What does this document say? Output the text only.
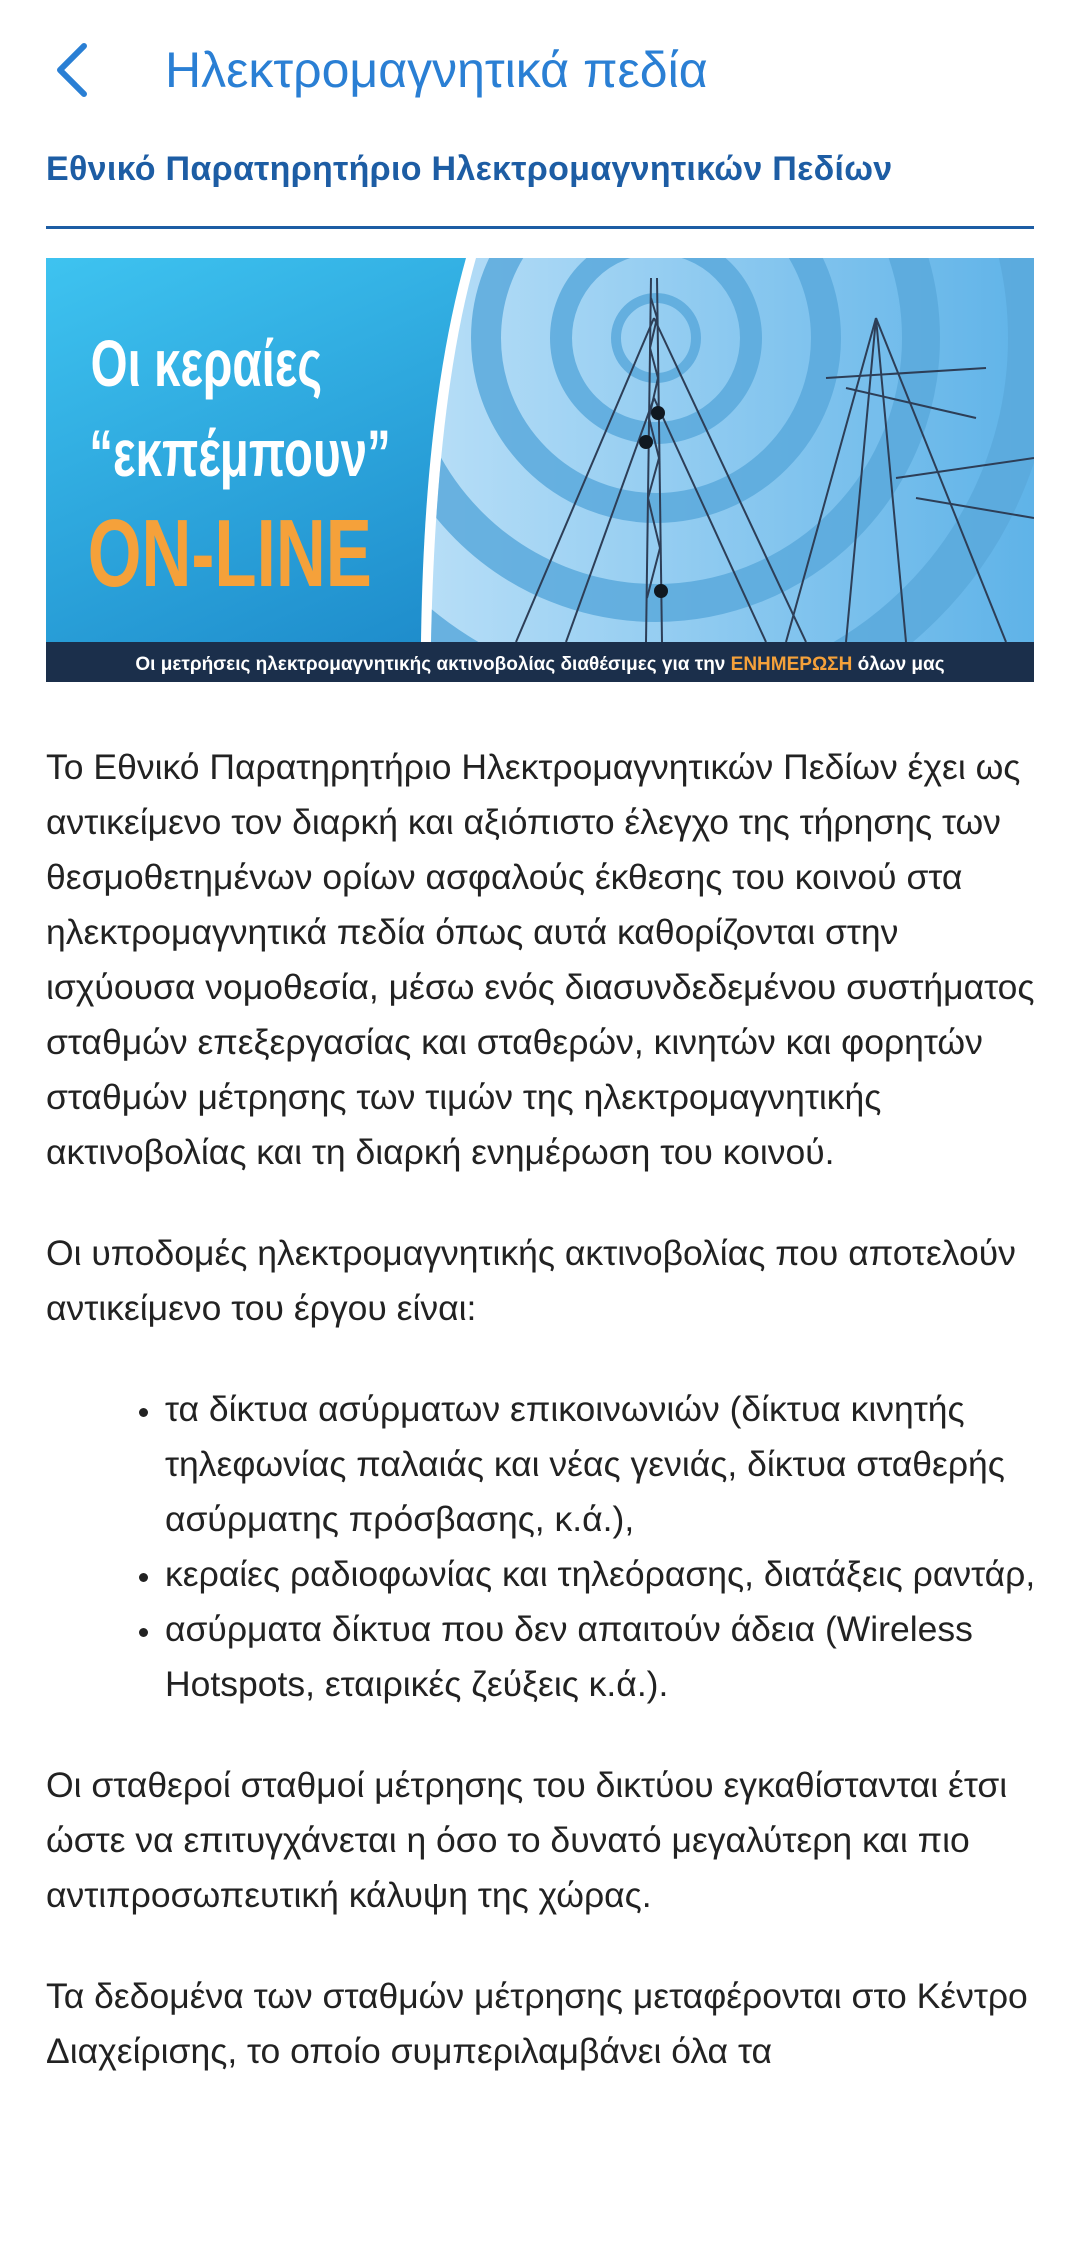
Ηλεκτρομαγνητικά πεδία
Εθνικό Παρατηρητήριο Ηλεκτρομαγνητικών Πεδίων
Οι κεραίες
“εκπέμπουν”
ON-LINE
Οι μετρήσεις ηλεκτρομαγνητικής ακτινοβολίας διαθέσιμες για την ΕΝΗΜΕΡΩΣΗ όλων μας

Το Εθνικό Παρατηρητήριο Ηλεκτρομαγνητικών Πεδίων έχει ως αντικείμενο τον διαρκή και αξιόπιστο έλεγχο της τήρησης των θεσμοθετημένων ορίων ασφαλούς έκθεσης του κοινού στα ηλεκτρομαγνητικά πεδία όπως αυτά καθορίζονται στην ισχύουσα νομοθεσία, μέσω ενός διασυνδεδεμένου συστήματος σταθμών επεξεργασίας και σταθερών, κινητών και φορητών σταθμών μέτρησης των τιμών της ηλεκτρομαγνητικής ακτινοβολίας και τη διαρκή ενημέρωση του κοινού.

Οι υποδομές ηλεκτρομαγνητικής ακτινοβολίας που αποτελούν αντικείμενο του έργου είναι:

• τα δίκτυα ασύρματων επικοινωνιών (δίκτυα κινητής τηλεφωνίας παλαιάς και νέας γενιάς, δίκτυα σταθερής ασύρματης πρόσβασης, κ.ά.),
• κεραίες ραδιοφωνίας και τηλεόρασης, διατάξεις ραντάρ,
• ασύρματα δίκτυα που δεν απαιτούν άδεια (Wireless Hotspots, εταιρικές ζεύξεις κ.ά.).

Οι σταθεροί σταθμοί μέτρησης του δικτύου εγκαθίστανται έτσι ώστε να επιτυγχάνεται η όσο το δυνατό μεγαλύτερη και πιο αντιπροσωπευτική κάλυψη της χώρας.

Τα δεδομένα των σταθμών μέτρησης μεταφέρονται στο Κέντρο Διαχείρισης, το οποίο συμπεριλαμβάνει όλα τα
